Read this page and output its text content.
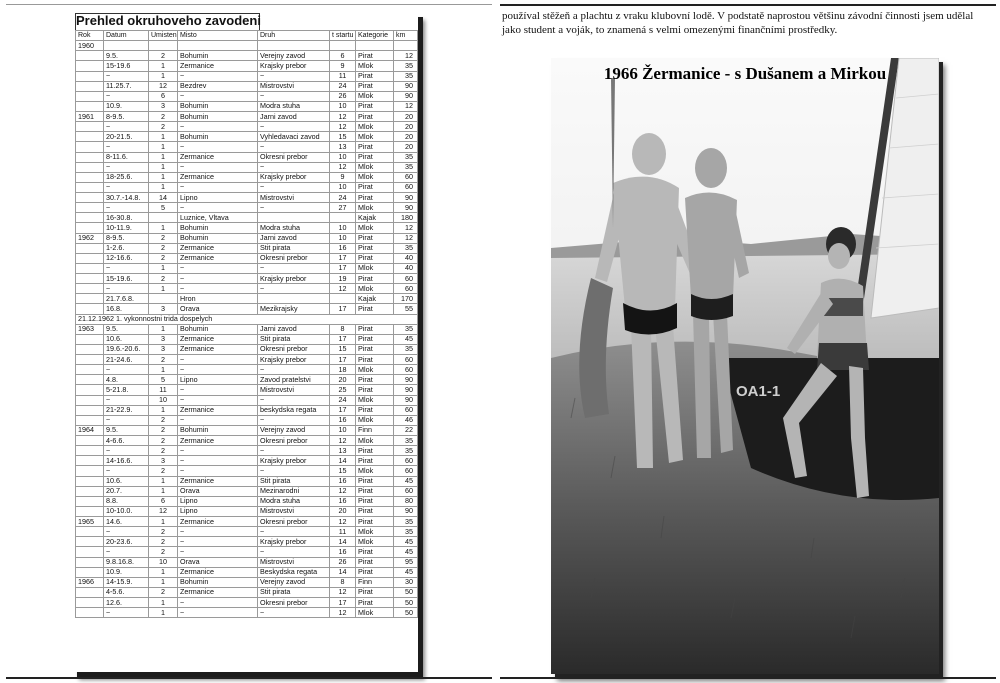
Prehled okruhoveho zavodeni
Rok	Datum	Umisten	Misto	Druh	t startu	Kategorie	km
1960							
	9.5.	2	Bohumin	Verejny zavod	6	Pirat	12
	15-19.6	1	Zermanice	Krajsky prebor	9	Mlok	35
	~	1	~	~	11	Pirat	35
	11.25.7.	12	Bezdrev	Mistrovstvi	24	Pirat	90
	~	6	~	~	26	Mlok	90
	10.9.	3	Bohumin	Modra stuha	10	Pirat	12
1961	8-9.5.	2	Bohumin	Jarni zavod	12	Pirat	20
	~	2	~	~	12	Mlok	20
	20-21.5.	1	Bohumin	Vyhledavaci zavod	15	Mlok	20
	~	1	~	~	13	Pirat	20
	8-11.6.	1	Zermanice	Okresni prebor	10	Pirat	35
	~	1	~	~	12	Mlok	35
	18-25.6.	1	Zermanice	Krajsky prebor	9	Mlok	60
	~	1	~	~	10	Pirat	60
	30.7.-14.8.	14	Lipno	Mistrovstvi	24	Pirat	90
	~	5	~	~	27	Mlok	90
	16-30.8.		Luznice, Vltava			Kajak	180
	10-11.9.	1	Bohumin	Modra stuha	10	Mlok	12
1962	8-9.5.	2	Bohumin	Jarni zavod	10	Pirat	12
	1-2.6.	2	Zermanice	Stit pirata	16	Pirat	35
	12-16.6.	2	Zermanice	Okresni prebor	17	Pirat	40
	~	1	~	~	17	Mlok	40
	15-19.6.	2	~	Krajsky prebor	19	Pirat	60
	~	1	~	~	12	Mlok	60
	21.7.6.8.		Hron			Kajak	170
	16.8.	3	Orava	Mezikrajsky	17	Pirat	55
21.12.1962 1. vykonnostni trida dospelych							
1963	9.5.	1	Bohumin	Jarni zavod	8	Pirat	35
	10.6.	3	Zermanice	Stit pirata	17	Pirat	45
	19.6.-20.6.	3	Zermanice	Okresni prebor	15	Pirat	35
	21-24.6.	2	~	Krajsky prebor	17	Pirat	60
	~	1	~	~	18	Mlok	60
	4.8.	5	Lipno	Zavod pratelstvi	20	Pirat	90
	5-21.8.	11	~	Mistrovstvi	25	Pirat	90
	~	10	~	~	24	Mlok	90
	21-22.9.	1	Zermanice	beskydska regata	17	Pirat	60
	~	2	~	~	16	Mlok	46
1964	9.5.	2	Bohumin	Verejny zavod	10	Finn	22
	4-6.6.	2	Zermanice	Okresni prebor	12	Mlok	35
	~	2	~	~	13	Pirat	35
	14-16.6.	3	~	Krajsky prebor	14	Pirat	60
	~	2	~	~	15	Mlok	60
	10.6.	1	Zermanice	Stit pirata	16	Pirat	45
	20.7.	1	Orava	Mezinarodni	12	Pirat	60
	8.8.	6	Lipno	Modra stuha	16	Pirat	80
	10-10.0.	12	Lipno	Mistrovstvi	20	Pirat	90
1965	14.6.	1	Zermanice	Okresni prebor	12	Pirat	35
	~	2	~	~	11	Mlok	35
	20-23.6.	2	~	Krajsky prebor	14	Mlok	45
	~	2	~	~	16	Pirat	45
	9.8.16.8.	10	Orava	Mistrovstvi	26	Pirat	95
	10.9.	1	Zermanice	Beskydska regata	14	Pirat	45
1966	14-15.9.	1	Bohumin	Verejny zavod	8	Finn	30
	4-5.6.	2	Zermanice	Stit pirata	12	Pirat	50
	12.6.	1	~	Okresni prebor	17	Pirat	50
	~	1	~	~	12	Mlok	50
používal stěžeň a plachtu z vraku klubovní lodě. V podstatě naprostou většinu závodní činnosti jsem udělal jako student a voják, to znamená s velmi omezenými finančními prostředky.
OA1-1
1966 Žermanice - s Dušanem a Mirkou
